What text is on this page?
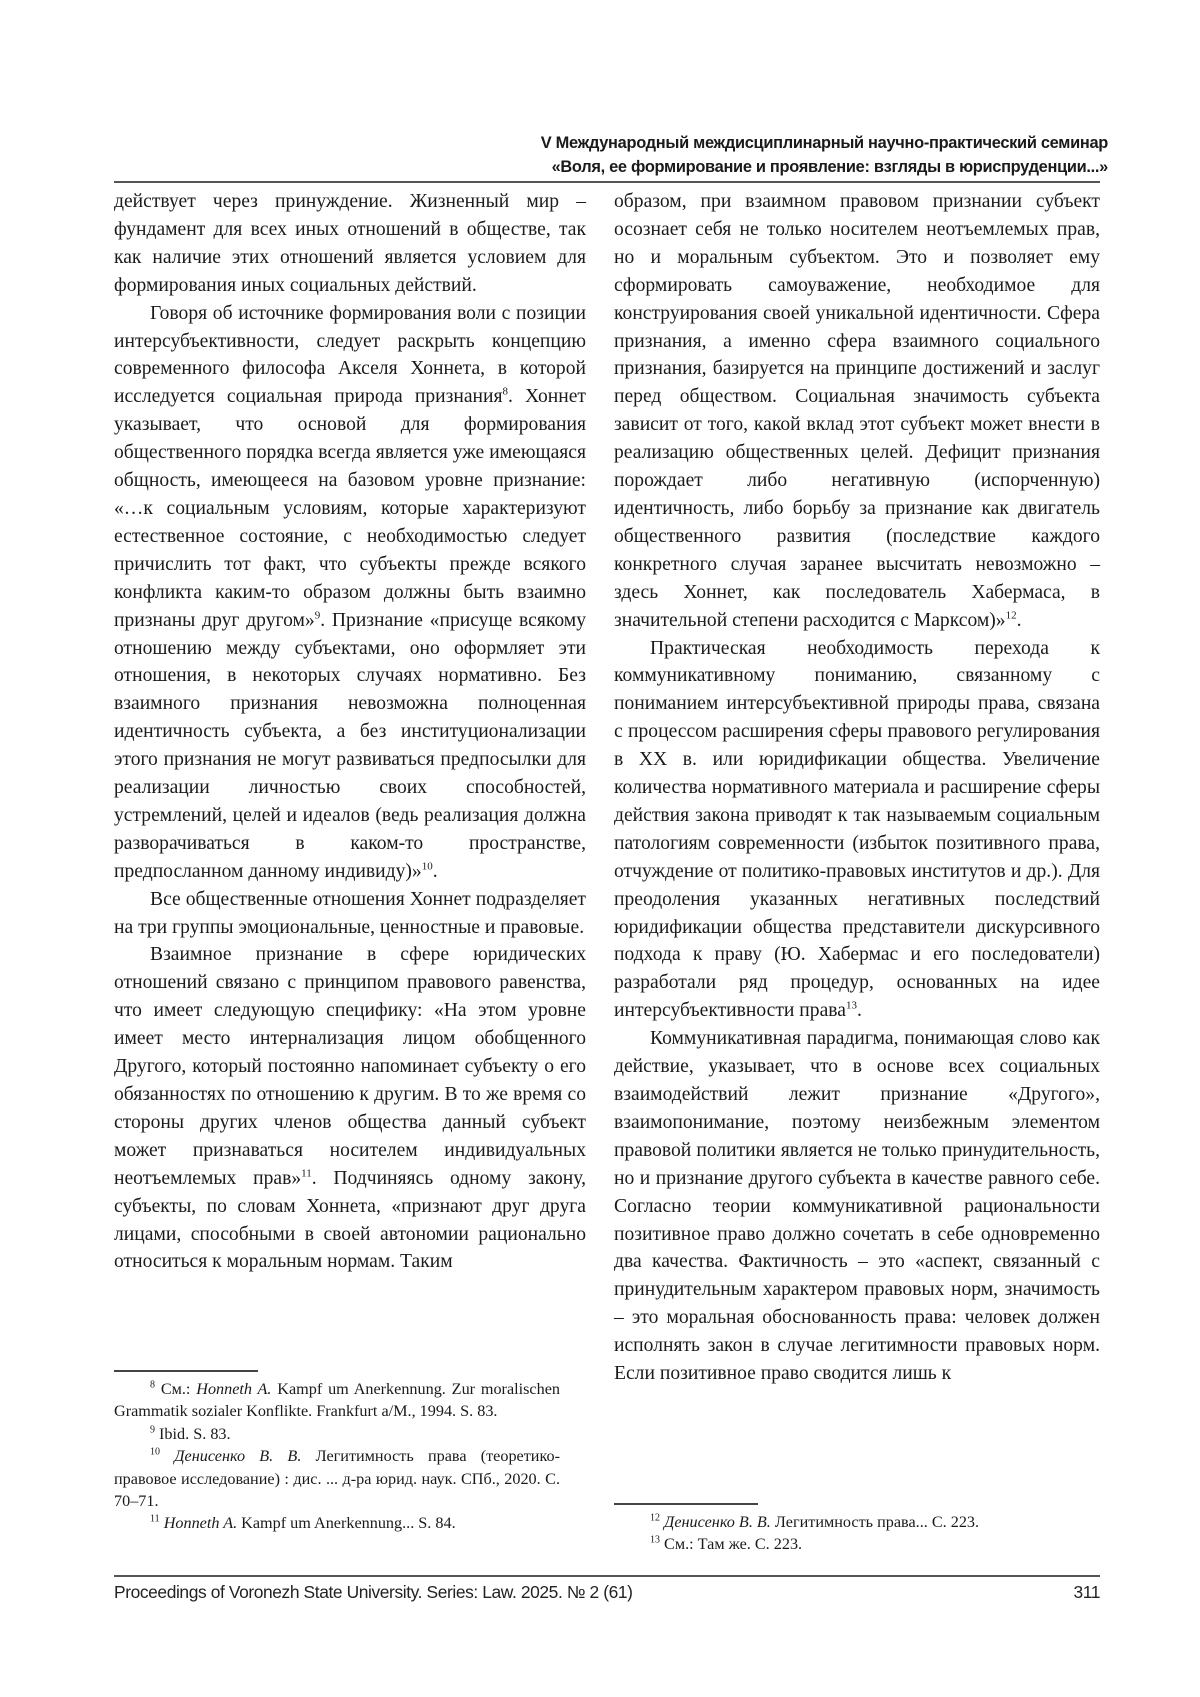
V Международный междисциплинарный научно-практический семинар
«Воля, ее формирование и проявление: взгляды в юриспруденции...»

действует через принуждение. Жизненный мир – фундамент для всех иных отношений в обществе, так как наличие этих отношений является условием для формирования иных социальных действий.

Говоря об источнике формирования воли с позиции интерсубъективности, следует раскрыть концепцию современного философа Акселя Хоннета, в которой исследуется социальная природа признания$^8$. Хоннет указывает, что основой для формирования общественного порядка всегда является уже имеющаяся общность, имеющееся на базовом уровне признание: «…к социальным условиям, которые характеризуют естественное состояние, с необходимостью следует причислить тот факт, что субъекты прежде всякого конфликта каким-то образом должны быть взаимно признаны друг другом»$^9$. Признание «присуще всякому отношению между субъектами, оно оформляет эти отношения, в некоторых случаях нормативно. Без взаимного признания невозможна полноценная идентичность субъекта, а без институционализации этого признания не могут развиваться предпосылки для реализации личностью своих способностей, устремлений, целей и идеалов (ведь реализация должна разворачиваться в каком-то пространстве, предпосланном данному индивиду)»$^{10}$.

Все общественные отношения Хоннет подразделяет на три группы эмоциональные, ценностные и правовые.

Взаимное признание в сфере юридических отношений связано с принципом правового равенства, что имеет следующую специфику: «На этом уровне имеет место интернализация лицом обобщенного Другого, который постоянно напоминает субъекту о его обязанностях по отношению к другим. В то же время со стороны других членов общества данный субъект может признаваться носителем индивидуальных неотъемлемых прав»$^{11}$. Подчиняясь одному закону, субъекты, по словам Хоннета, «признают друг друга лицами, способными в своей автономии рационально относиться к моральным нормам. Таким

образом, при взаимном правовом признании субъект осознает себя не только носителем неотъемлемых прав, но и моральным субъектом. Это и позволяет ему сформировать самоуважение, необходимое для конструирования своей уникальной идентичности. Сфера признания, а именно сфера взаимного социального признания, базируется на принципе достижений и заслуг перед обществом. Социальная значимость субъекта зависит от того, какой вклад этот субъект может внести в реализацию общественных целей. Дефицит признания порождает либо негативную (испорченную) идентичность, либо борьбу за признание как двигатель общественного развития (последствие каждого конкретного случая заранее высчитать невозможно – здесь Хоннет, как последователь Хабермаса, в значительной степени расходится с Марксом)»$^{12}$.

Практическая необходимость перехода к коммуникативному пониманию, связанному с пониманием интерсубъективной природы права, связана с процессом расширения сферы правового регулирования в XX в. или юридификации общества. Увеличение количества нормативного материала и расширение сферы действия закона приводят к так называемым социальным патологиям современности (избыток позитивного права, отчуждение от политико-правовых институтов и др.). Для преодоления указанных негативных последствий юридификации общества представители дискурсивного подхода к праву (Ю. Хабермас и его последователи) разработали ряд процедур, основанных на идее интерсубъективности права$^{13}$.

Коммуникативная парадигма, понимающая слово как действие, указывает, что в основе всех социальных взаимодействий лежит признание «Другого», взаимопонимание, поэтому неизбежным элементом правовой политики является не только принудительность, но и признание другого субъекта в качестве равного себе. Согласно теории коммуникативной рациональности позитивное право должно сочетать в себе одновременно два качества. Фактичность – это «аспект, связанный с принудительным характером правовых норм, значимость – это моральная обоснованность права: человек должен исполнять закон в случае легитимности правовых норм. Если позитивное право сводится лишь к

$^8$ См.: Honneth A. Kampf um Anerkennung. Zur moralischen Grammatik sozialer Konflikte. Frankfurt a/M., 1994. S. 83.

$^9$ Ibid. S. 83.

$^{10}$ Денисенко В. В. Легитимность права (теоретико-правовое исследование) : дис. ... д-ра юрид. наук. СПб., 2020. С. 70–71.

$^{11}$ Honneth A. Kampf um Anerkennung... S. 84.	$^{12}$ Денисенко В. В. Легитимность права... С. 223.

$^{13}$ См.: Там же. С. 223.

Proceedings of Voronezh State University. Series: Law. 2025. № 2 (61)	311
